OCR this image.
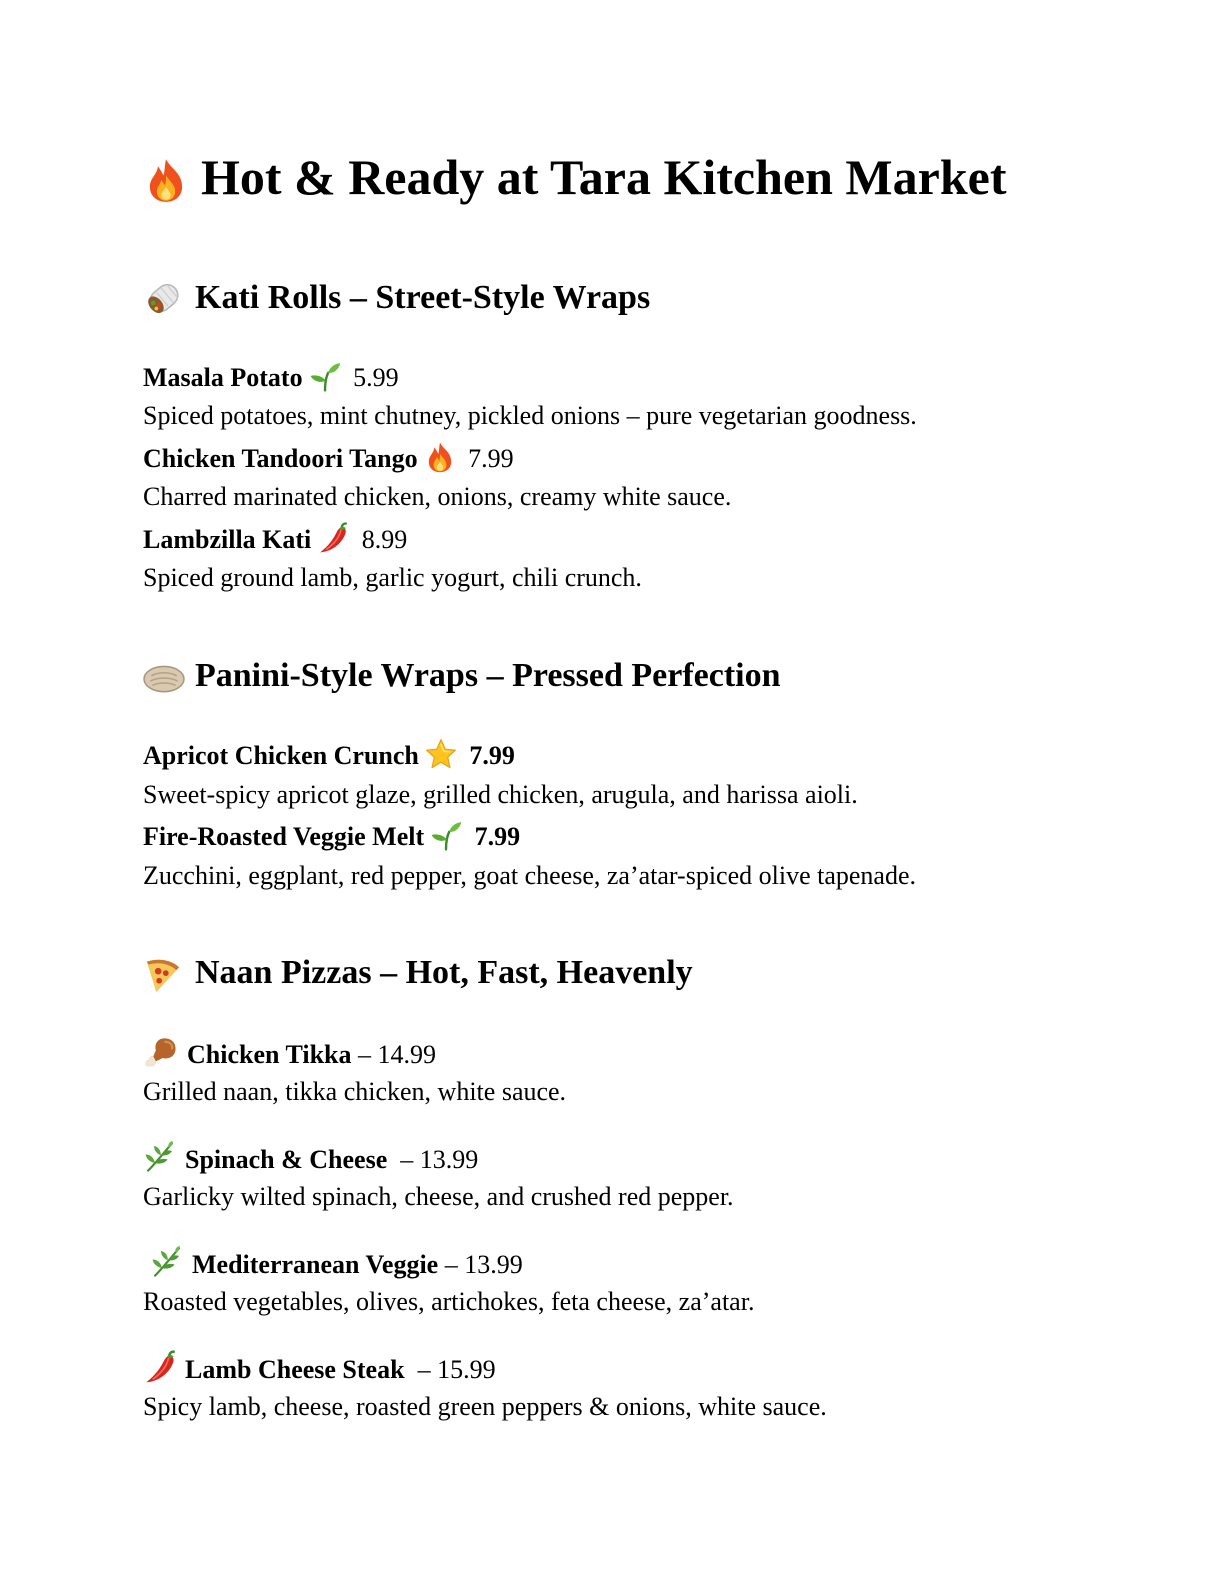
Hot & Ready at Tara Kitchen Market
Kati Rolls – Street-Style Wraps
Masala Potato 5.99
Spiced potatoes, mint chutney, pickled onions – pure vegetarian goodness.
Chicken Tandoori Tango 7.99
Charred marinated chicken, onions, creamy white sauce.
Lambzilla Kati 8.99
Spiced ground lamb, garlic yogurt, chili crunch.
Panini-Style Wraps – Pressed Perfection
Apricot Chicken Crunch 7.99
Sweet-spicy apricot glaze, grilled chicken, arugula, and harissa aioli.
Fire-Roasted Veggie Melt 7.99
Zucchini, eggplant, red pepper, goat cheese, za’atar-spiced olive tapenade.
Naan Pizzas – Hot, Fast, Heavenly
Chicken Tikka – 14.99
Grilled naan, tikka chicken, white sauce.
Spinach & Cheese – 13.99
Garlicky wilted spinach, cheese, and crushed red pepper.
Mediterranean Veggie – 13.99
Roasted vegetables, olives, artichokes, feta cheese, za’atar.
Lamb Cheese Steak – 15.99
Spicy lamb, cheese, roasted green peppers & onions, white sauce.
